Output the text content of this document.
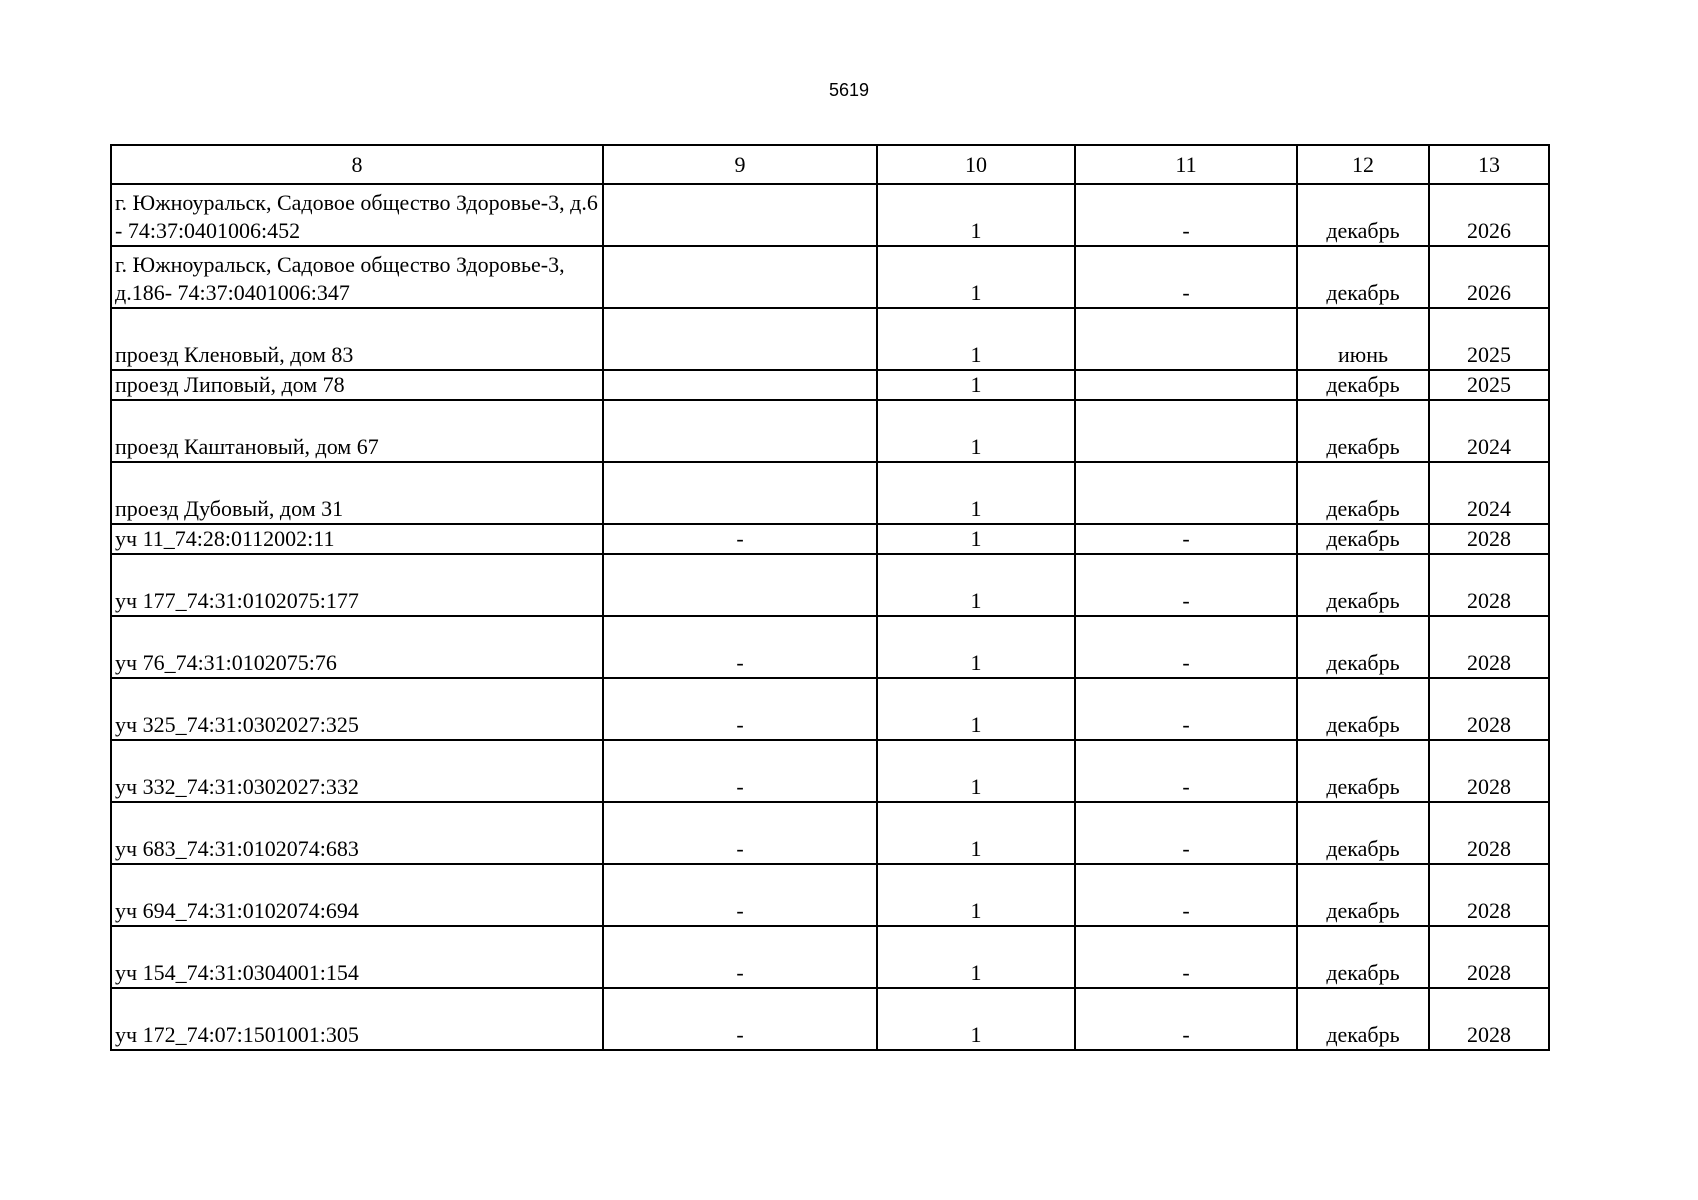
5619
8	9	10	11	12	13
г. Южноуральск, Садовое общество Здоровье-3, д.6 - 74:37:0401006:452		1	-	декабрь	2026
г. Южноуральск, Садовое общество Здоровье-3, д.186- 74:37:0401006:347		1	-	декабрь	2026
проезд Кленовый, дом 83		1		июнь	2025
проезд Липовый, дом 78		1		декабрь	2025
проезд Каштановый, дом 67		1		декабрь	2024
проезд Дубовый, дом 31		1		декабрь	2024
уч 11_74:28:0112002:11	-	1	-	декабрь	2028
уч 177_74:31:0102075:177		1	-	декабрь	2028
уч 76_74:31:0102075:76	-	1	-	декабрь	2028
уч 325_74:31:0302027:325	-	1	-	декабрь	2028
уч 332_74:31:0302027:332	-	1	-	декабрь	2028
уч 683_74:31:0102074:683	-	1	-	декабрь	2028
уч 694_74:31:0102074:694	-	1	-	декабрь	2028
уч 154_74:31:0304001:154	-	1	-	декабрь	2028
уч 172_74:07:1501001:305	-	1	-	декабрь	2028
